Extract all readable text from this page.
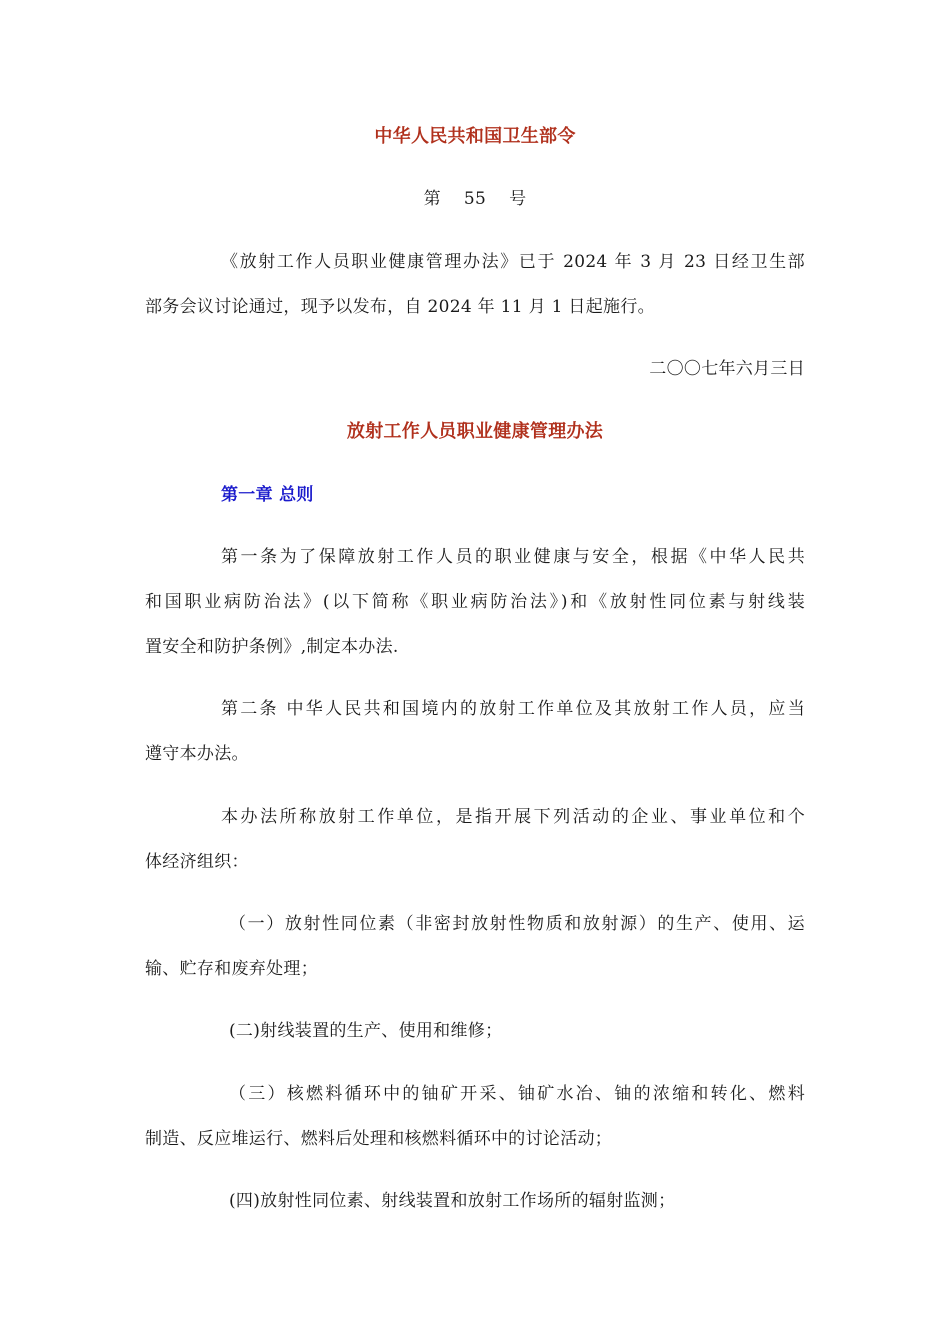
中华人民共和国卫生部令
第　 55　 号
《放射工作人员职业健康管理办法》已于 2024 年 3 月 23 日经卫生部
部务会议讨论通过，现予以发布，自 2024 年 11 月 1 日起施行。
二〇〇七年六月三日
放射工作人员职业健康管理办法
第一章 总则
第一条为了保障放射工作人员的职业健康与安全，根据《中华人民共
和国职业病防治法》(以下简称《职业病防治法》)和《放射性同位素与射线装
置安全和防护条例》,制定本办法.
第二条 中华人民共和国境内的放射工作单位及其放射工作人员，应当
遵守本办法。
本办法所称放射工作单位，是指开展下列活动的企业、事业单位和个
体经济组织：
（一）放射性同位素（非密封放射性物质和放射源）的生产、使用、运
输、贮存和废弃处理；
(二)射线装置的生产、使用和维修；
（三）核燃料循环中的铀矿开采、铀矿水冶、铀的浓缩和转化、燃料
制造、反应堆运行、燃料后处理和核燃料循环中的讨论活动；
(四)放射性同位素、射线装置和放射工作场所的辐射监测；
